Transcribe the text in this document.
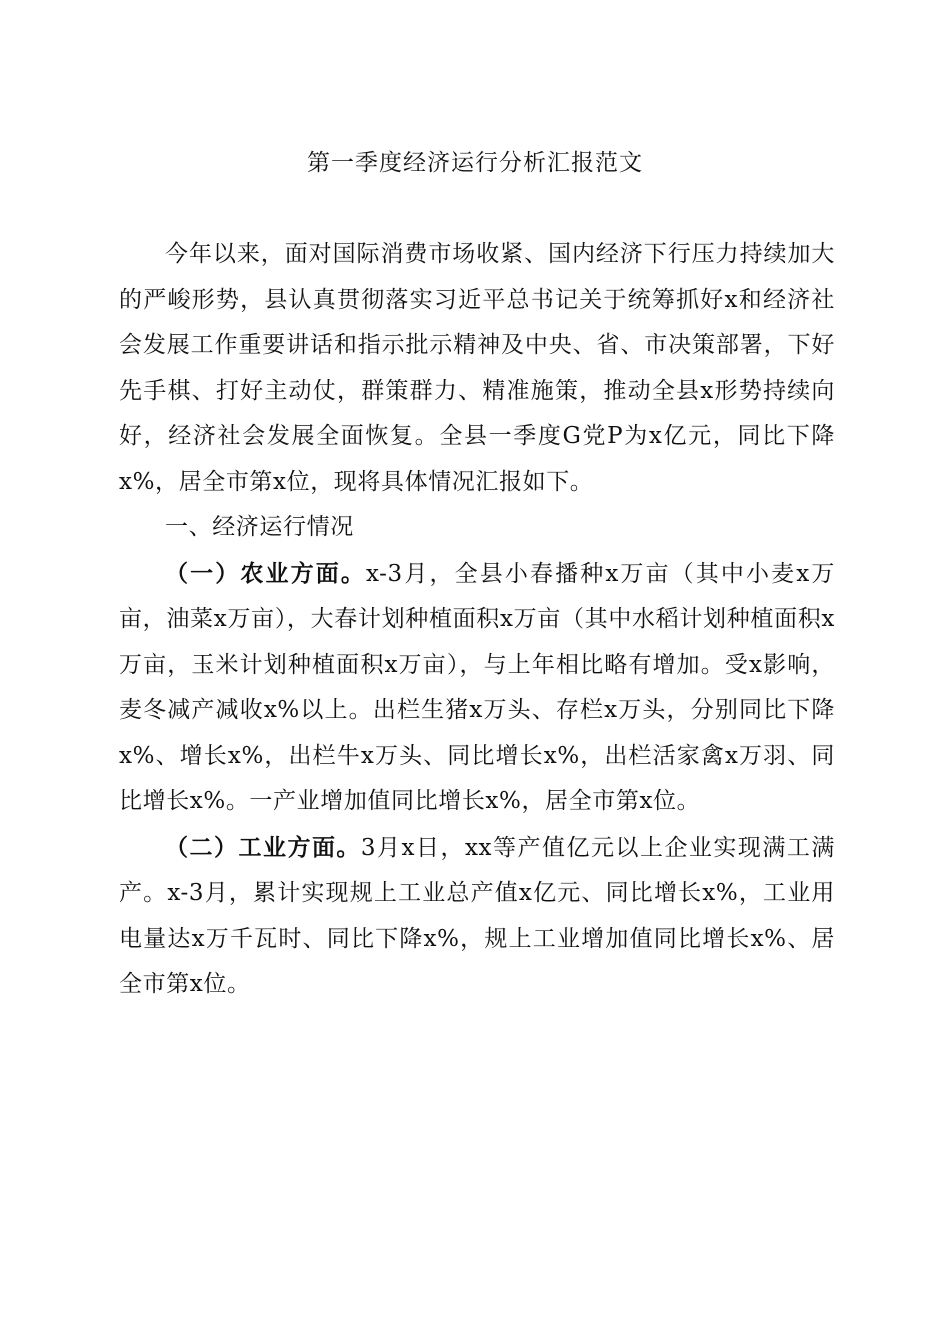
第一季度经济运行分析汇报范文

今年以来，面对国际消费市场收紧、国内经济下行压力持续加大的严峻形势，县认真贯彻落实习近平总书记关于统筹抓好x和经济社会发展工作重要讲话和指示批示精神及中央、省、市决策部署，下好先手棋、打好主动仗，群策群力、精准施策，推动全县x形势持续向好，经济社会发展全面恢复。全县一季度G党P为x亿元，同比下降x%，居全市第x位，现将具体情况汇报如下。

一、经济运行情况

（一）农业方面。x-3月，全县小春播种x万亩（其中小麦x万亩，油菜x万亩），大春计划种植面积x万亩（其中水稻计划种植面积x万亩，玉米计划种植面积x万亩），与上年相比略有增加。受x影响，麦冬减产减收x%以上。出栏生猪x万头、存栏x万头，分别同比下降x%、增长x%，出栏牛x万头、同比增长x%，出栏活家禽x万羽、同比增长x%。一产业增加值同比增长x%，居全市第x位。

（二）工业方面。3月x日，xx等产值亿元以上企业实现满工满产。x-3月，累计实现规上工业总产值x亿元、同比增长x%，工业用电量达x万千瓦时、同比下降x%，规上工业增加值同比增长x%、居全市第x位。
